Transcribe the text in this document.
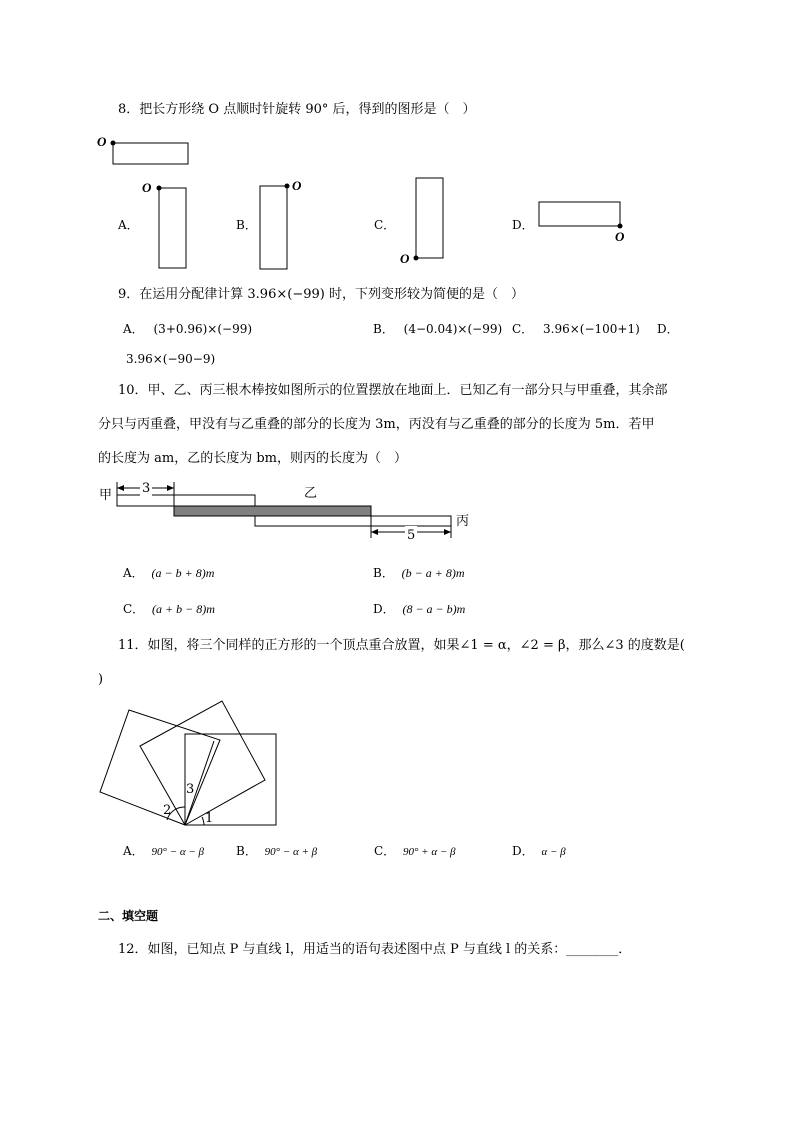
8．把长方形绕 O 点顺时针旋转 90° 后，得到的图形是（　）
O
O	O
O
O
A．	B．	C．	D．
9．在运用分配律计算 3.96×(−99) 时，下列变形较为简便的是（　）
A． (3+0.96)×(−99)	B． (4−0.04)×(−99) C． 3.96×(−100+1) D．
3.96×(−90−9)
10．甲、乙、丙三根木棒按如图所示的位置摆放在地面上．已知乙有一部分只与甲重叠，其余部
分只与丙重叠，甲没有与乙重叠的部分的长度为 3m，丙没有与乙重叠的部分的长度为 5m．若甲
的长度为 am，乙的长度为 bm，则丙的长度为（　）
甲 3	乙
丙
5
A． (a − b + 8)m	B． (b − a + 8)m
C． (a + b − 8)m	D． (8 − a − b)m
11．如图，将三个同样的正方形的一个顶点重合放置，如果∠1 = α，∠2 = β，那么∠3 的度数是(
)
1
2
3
A． 90° − α − β	B． 90° − α + β	C． 90° + α − β	D． α − β
二、填空题
12．如图，已知点 P 与直线 l，用适当的语句表述图中点 P 与直线 l 的关系：________．
